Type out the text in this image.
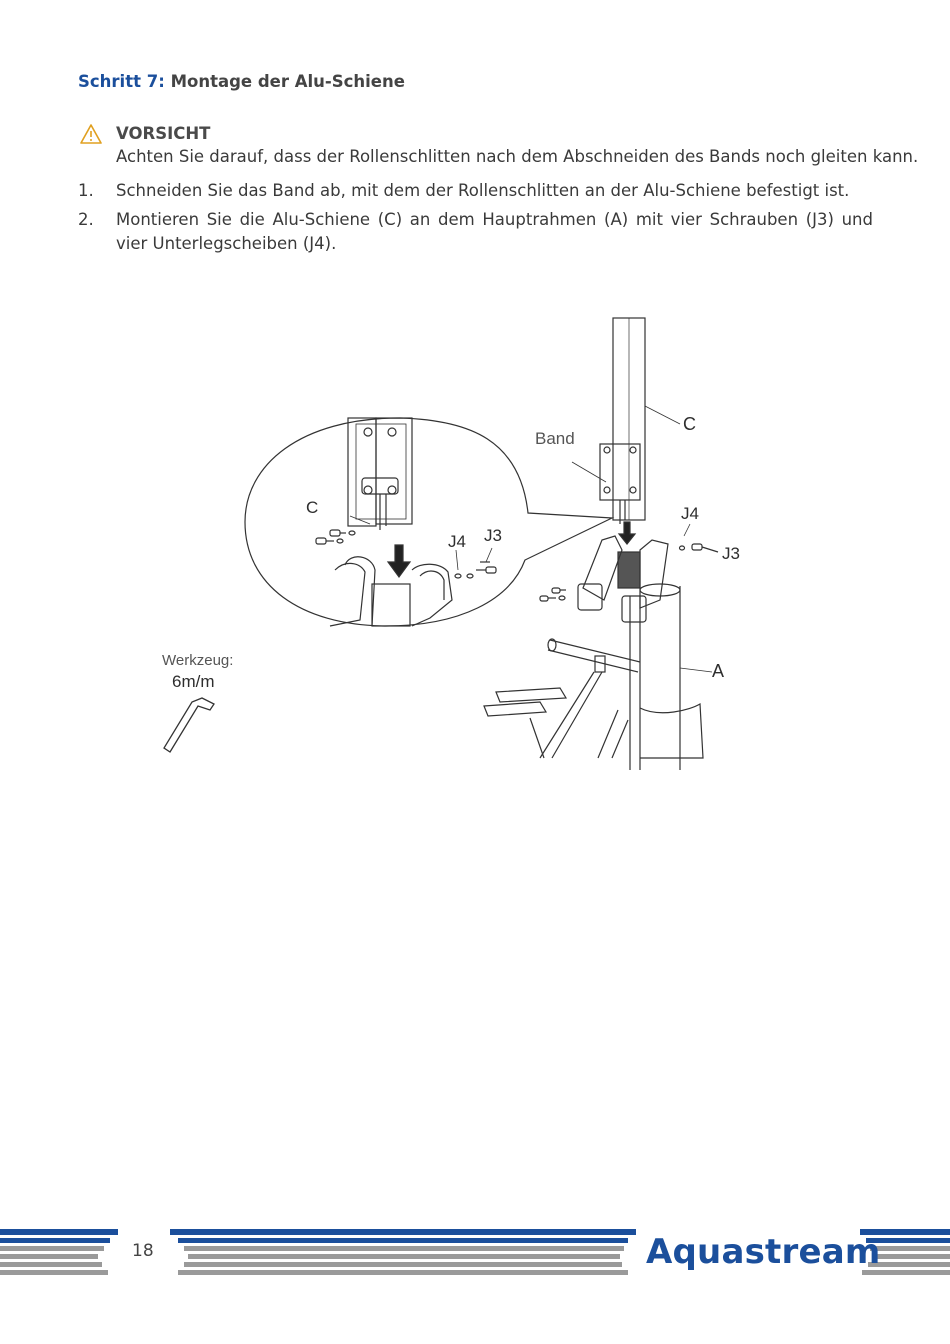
Schritt 7: Montage der Alu-Schiene
VORSICHT
Achten Sie darauf, dass der Rollenschlitten nach dem Abschneiden des Bands noch gleiten kann.
1. Schneiden Sie das Band ab, mit dem der Rollenschlitten an der Alu-Schiene befestigt ist.
2. Montieren Sie die Alu-Schiene (C) an dem Hauptrahmen (A) mit vier Schrauben (J3) und vier Unterlegscheiben (J4).
Band
C
C
J4 J3
J4
J3
A
Werkzeug:
6m/m
18	Aquastream
